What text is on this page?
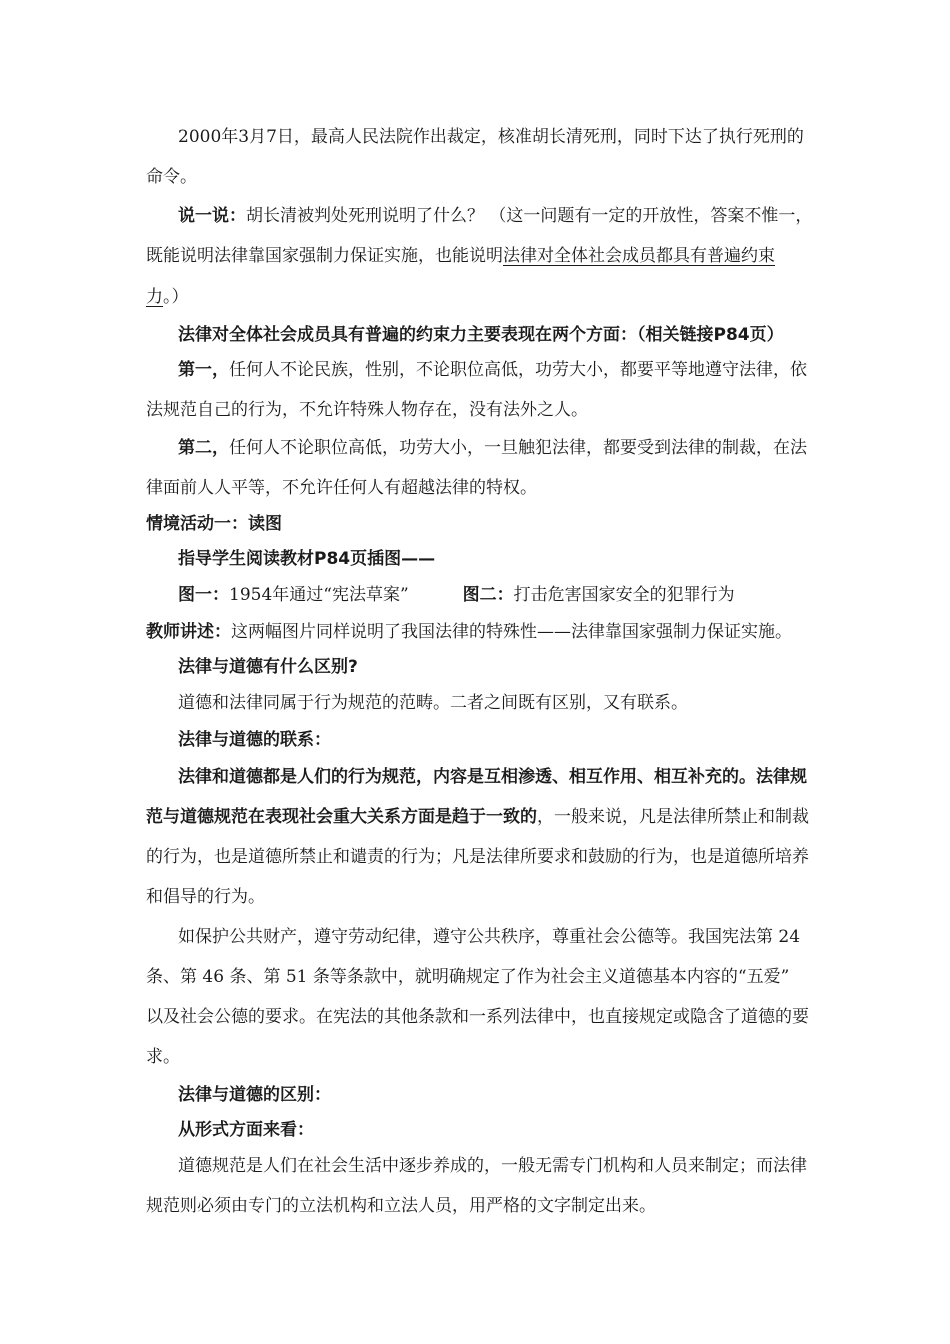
2000年3月7日，最高人民法院作出裁定，核准胡长清死刑，同时下达了执行死刑的
命令。
说一说：胡长清被判处死刑说明了什么？ （这一问题有一定的开放性，答案不惟一，
既能说明法律靠国家强制力保证实施，也能说明法律对全体社会成员都具有普遍约束
力。）
法律对全体社会成员具有普遍的约束力主要表现在两个方面：（相关链接P84页）
第一，任何人不论民族，性别，不论职位高低，功劳大小，都要平等地遵守法律，依
法规范自己的行为，不允许特殊人物存在，没有法外之人。
第二，任何人不论职位高低，功劳大小，一旦触犯法律，都要受到法律的制裁，在法
律面前人人平等，不允许任何人有超越法律的特权。
情境活动一：读图
指导学生阅读教材P84页插图——
图一：1954年通过“宪法草案”	图二：打击危害国家安全的犯罪行为
教师讲述：这两幅图片同样说明了我国法律的特殊性——法律靠国家强制力保证实施。
法律与道德有什么区别?
道德和法律同属于行为规范的范畴。二者之间既有区别，又有联系。
法律与道德的联系：
法律和道德都是人们的行为规范，内容是互相渗透、相互作用、相互补充的。法律规
范与道德规范在表现社会重大关系方面是趋于一致的，一般来说，凡是法律所禁止和制裁
的行为，也是道德所禁止和谴责的行为；凡是法律所要求和鼓励的行为，也是道德所培养
和倡导的行为。
如保护公共财产，遵守劳动纪律，遵守公共秩序，尊重社会公德等。我国宪法第 24
条、第 46 条、第 51 条等条款中，就明确规定了作为社会主义道德基本内容的“五爱”
以及社会公德的要求。在宪法的其他条款和一系列法律中，也直接规定或隐含了道德的要
求。
法律与道德的区别：
从形式方面来看：
道德规范是人们在社会生活中逐步养成的，一般无需专门机构和人员来制定；而法律
规范则必须由专门的立法机构和立法人员，用严格的文字制定出来。
